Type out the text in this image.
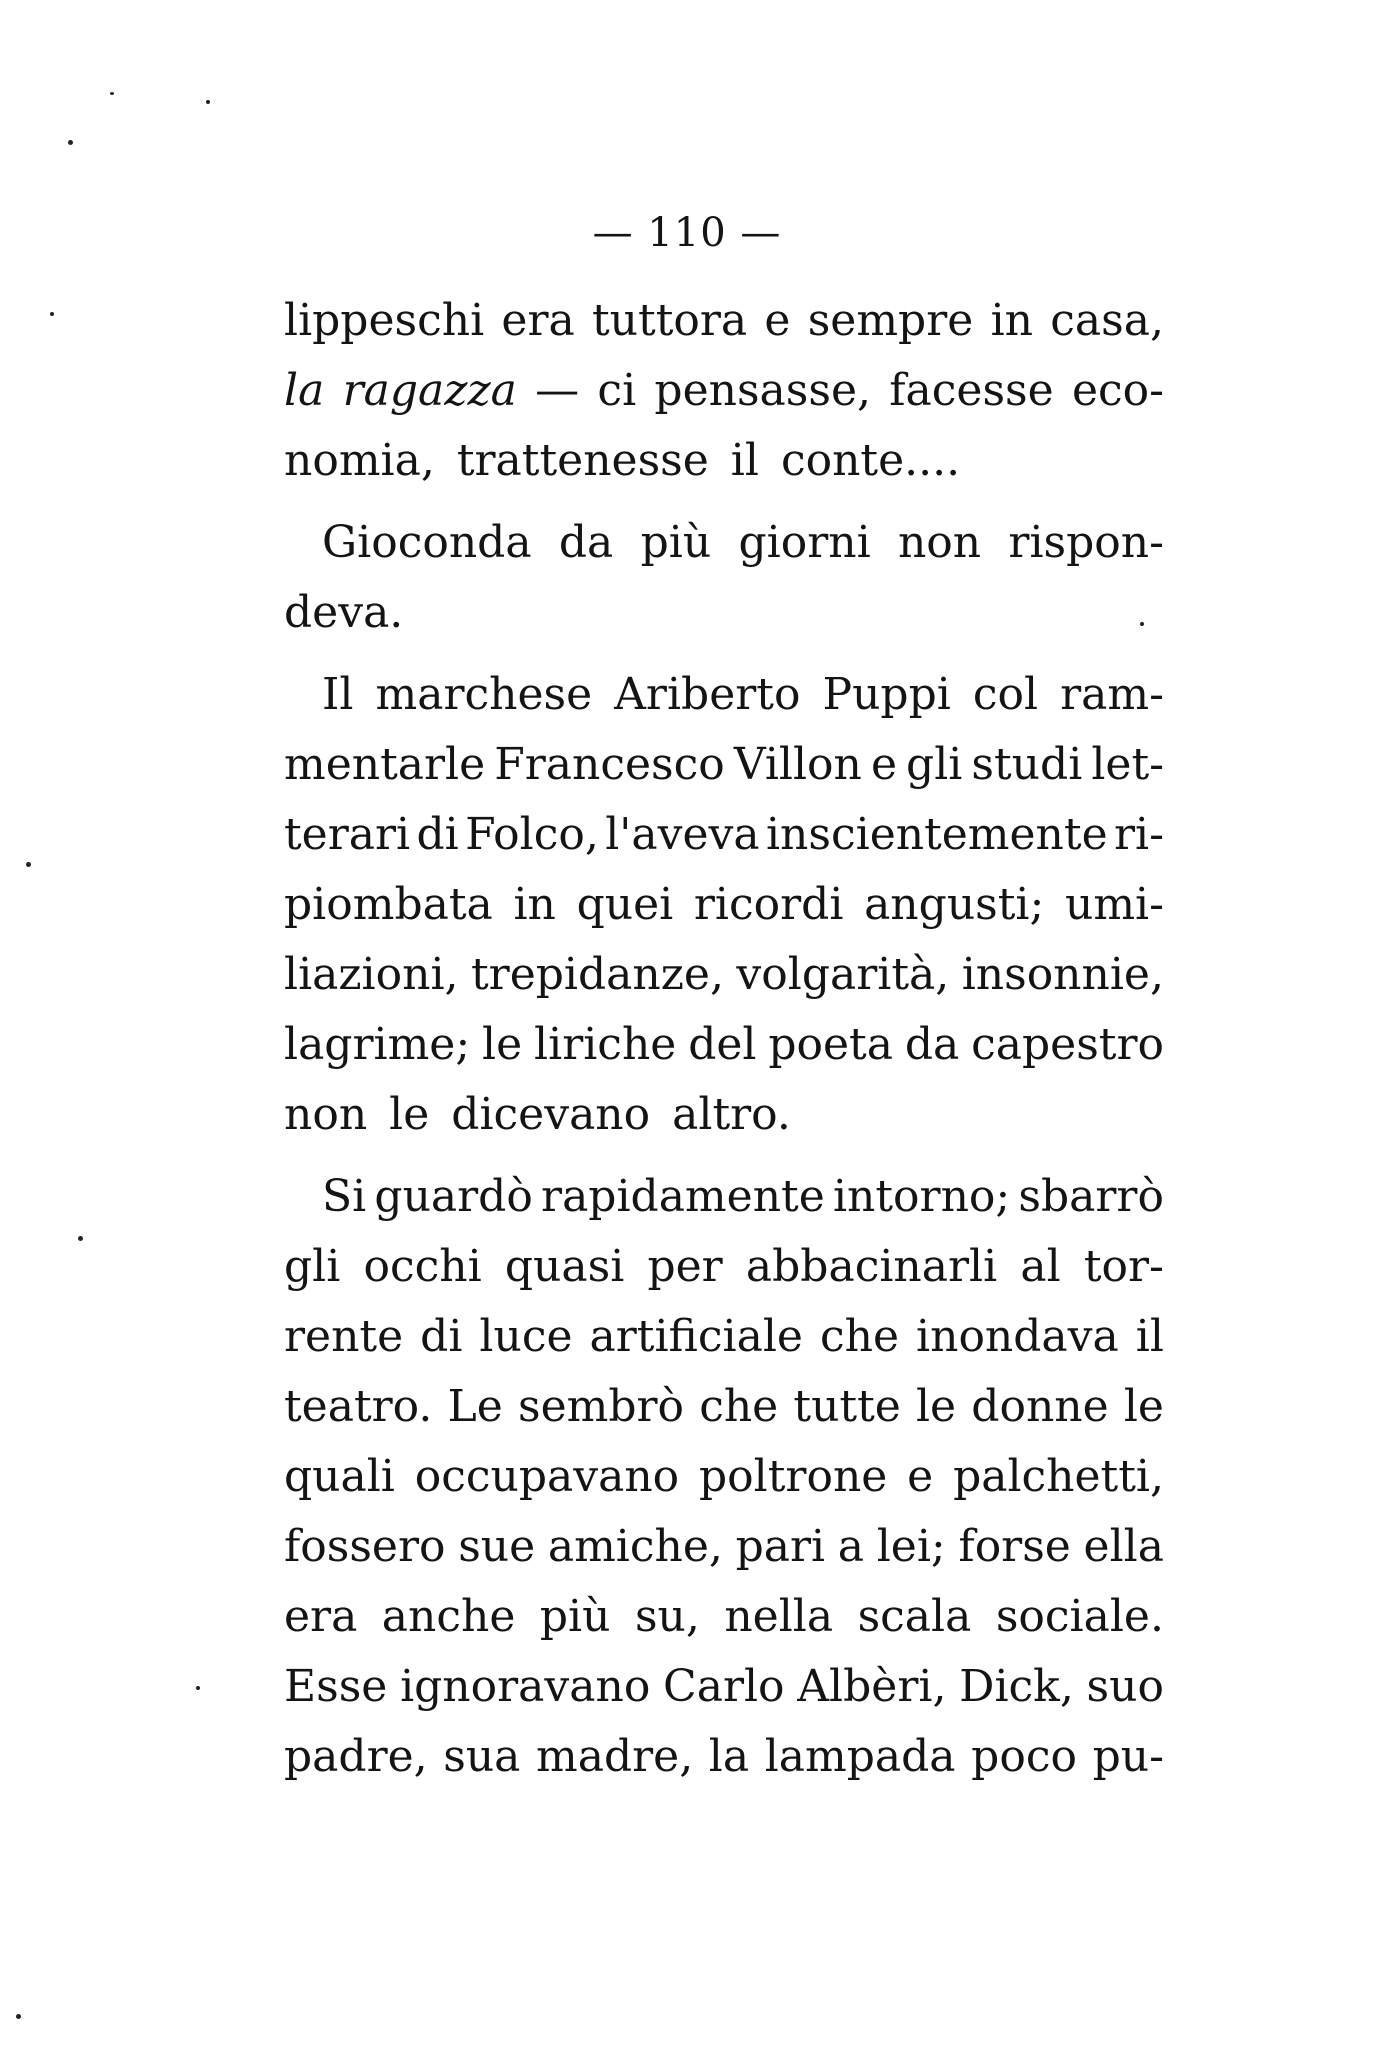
— 110 —
lippeschi era tuttora e sempre in casa,
la ragazza — ci pensasse, facesse eco-
nomia, trattenesse il conte....
Gioconda da più giorni non rispon-
deva.
Il marchese Ariberto Puppi col ram-
mentarle Francesco Villon e gli studi let-
terari di Folco, l'aveva inscientemente ri-
piombata in quei ricordi angusti; umi-
liazioni, trepidanze, volgarità, insonnie,
lagrime; le liriche del poeta da capestro
non le dicevano altro.
Si guardò rapidamente intorno; sbarrò
gli occhi quasi per abbacinarli al tor-
rente di luce artificiale che inondava il
teatro. Le sembrò che tutte le donne le
quali occupavano poltrone e palchetti,
fossero sue amiche, pari a lei; forse ella
era anche più su, nella scala sociale.
Esse ignoravano Carlo Albèri, Dick, suo
padre, sua madre, la lampada poco pu-
